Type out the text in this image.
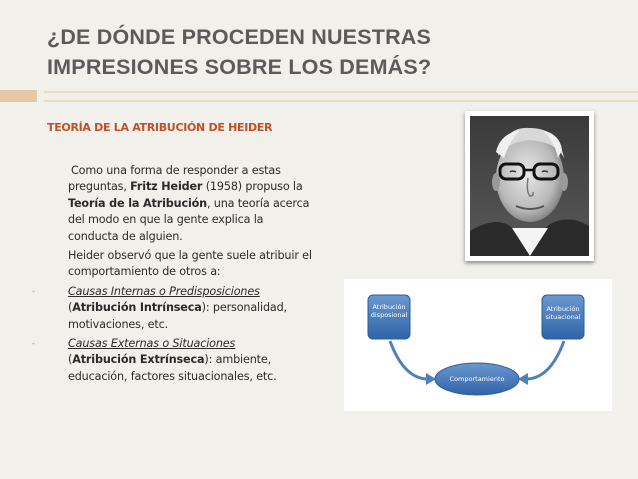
¿DE DÓNDE PROCEDEN NUESTRAS
IMPRESIONES SOBRE LOS DEMÁS?
TEORÍA DE LA ATRIBUCIÓN DE HEIDER

Como una forma de responder a estas preguntas, Fritz Heider (1958) propuso la Teoría de la Atribución, una teoría acerca del modo en que la gente explica la conducta de alguien.

Heider observó que la gente suele atribuir el comportamiento de otros a:

-	Causas Internas o Predisposiciones
(Atribución Intrínseca): personalidad, motivaciones, etc.

-	Causas Externas o Situaciones
(Atribución Extrínseca): ambiente, educación, factores situacionales, etc.

Atribución
disposional
Atribución
situacional
Comportamiento
